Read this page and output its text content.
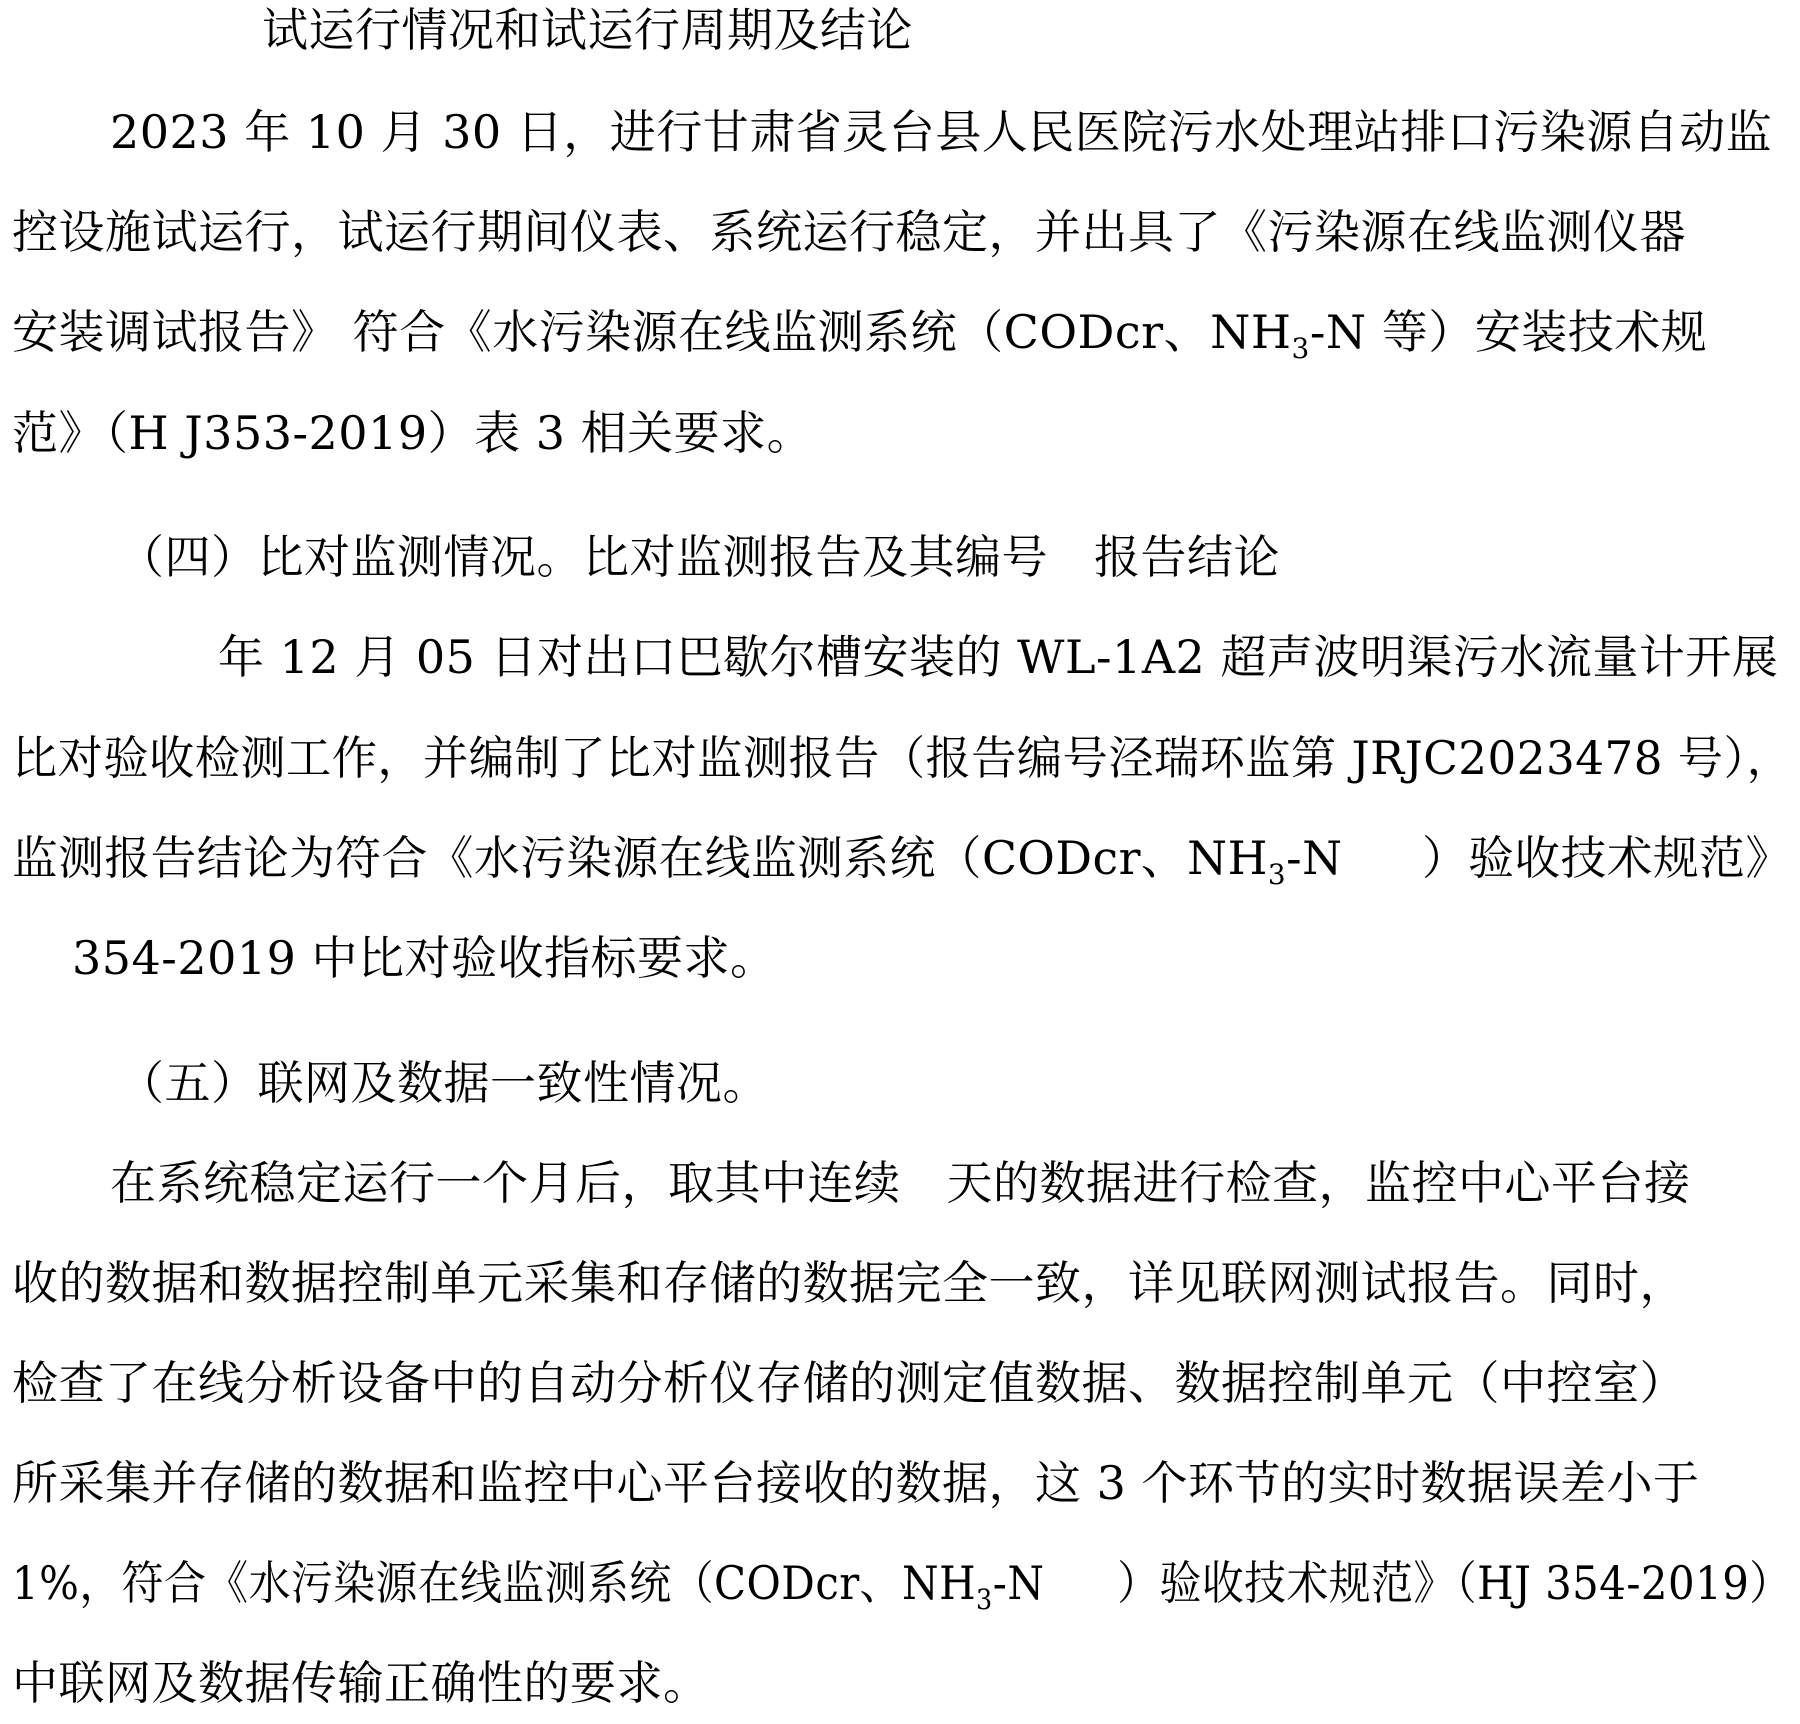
试运行情况和试运行周期及结论
2023 年 10 月 30 日，进行甘肃省灵台县人民医院污水处理站排口污染源自动监
控设施试运行，试运行期间仪表、系统运行稳定，并出具了《污染源在线监测仪器
安装调试报告》 符合《水污染源在线监测系统（CODcr、$NH_3-N$ 等）安装技术规
范》（H J353-2019）表 3 相关要求。
（四）比对监测情况。比对监测报告及其编号 报告结论
年 12 月 05 日对出口巴歇尔槽安装的 WL-1A2 超声波明渠污水流量计开展
比对验收检测工作，并编制了比对监测报告（报告编号泾瑞环监第 JRJC2023478 号），
监测报告结论为符合《水污染源在线监测系统（CODcr、$NH_3-N$ ）验收技术规范》
354-2019 中比对验收指标要求。
（五）联网及数据一致性情况。
在系统稳定运行一个月后，取其中连续 天的数据进行检查，监控中心平台接
收的数据和数据控制单元采集和存储的数据完全一致，详见联网测试报告。同时，
检查了在线分析设备中的自动分析仪存储的测定值数据、数据控制单元（中控室）
所采集并存储的数据和监控中心平台接收的数据，这 3 个环节的实时数据误差小于
1%，符合《水污染源在线监测系统（CODcr、$NH_3-N$ ）验收技术规范》（HJ 354-2019）
中联网及数据传输正确性的要求。
